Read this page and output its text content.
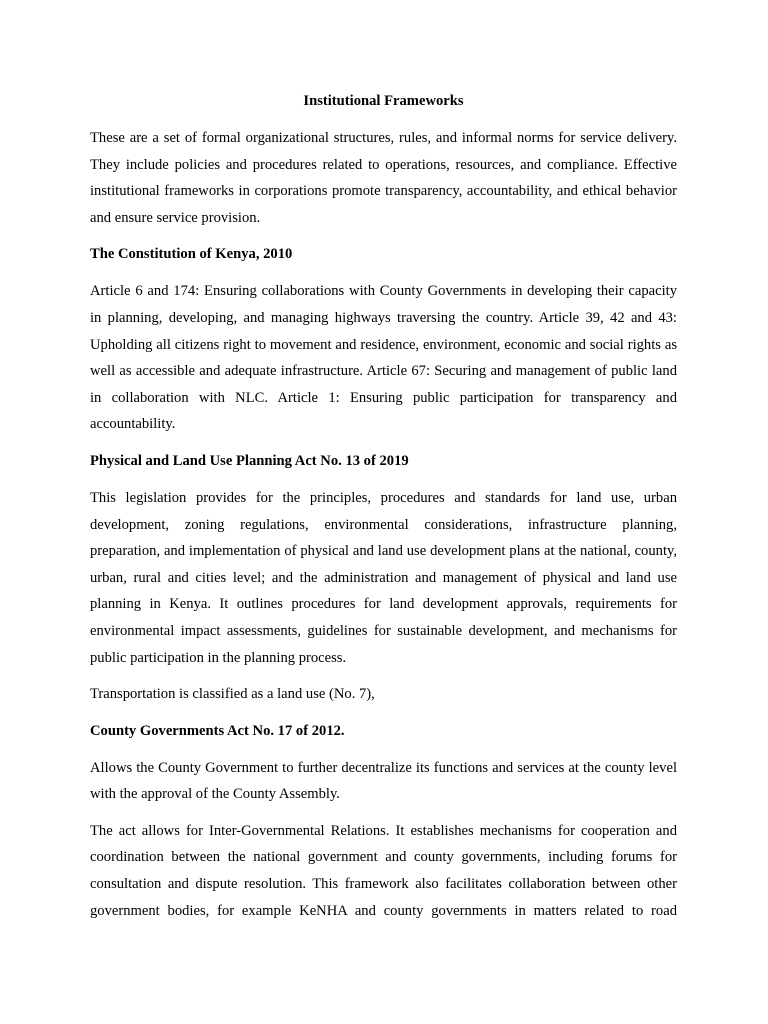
Institutional Frameworks

These are a set of formal organizational structures, rules, and informal norms for service delivery. They include policies and procedures related to operations, resources, and compliance. Effective institutional frameworks in corporations promote transparency, accountability, and ethical behavior and ensure service provision.

The Constitution of Kenya, 2010

Article 6 and 174: Ensuring collaborations with County Governments in developing their capacity in planning, developing, and managing highways traversing the country. Article 39, 42 and 43: Upholding all citizens right to movement and residence, environment, economic and social rights as well as accessible and adequate infrastructure. Article 67: Securing and management of public land in collaboration with NLC. Article 1: Ensuring public participation for transparency and accountability.

Physical and Land Use Planning Act No. 13 of 2019

This legislation provides for the principles, procedures and standards for land use, urban development, zoning regulations, environmental considerations, infrastructure planning, preparation, and implementation of physical and land use development plans at the national, county, urban, rural and cities level; and the administration and management of physical and land use planning in Kenya. It outlines procedures for land development approvals, requirements for environmental impact assessments, guidelines for sustainable development, and mechanisms for public participation in the planning process.

Transportation is classified as a land use (No. 7),

County Governments Act No. 17 of 2012.

Allows the County Government to further decentralize its functions and services at the county level with the approval of the County Assembly.

The act allows for Inter-Governmental Relations. It establishes mechanisms for cooperation and coordination between the national government and county governments, including forums for consultation and dispute resolution. This framework also facilitates collaboration between other government bodies, for example KeNHA and county governments in matters related to road
